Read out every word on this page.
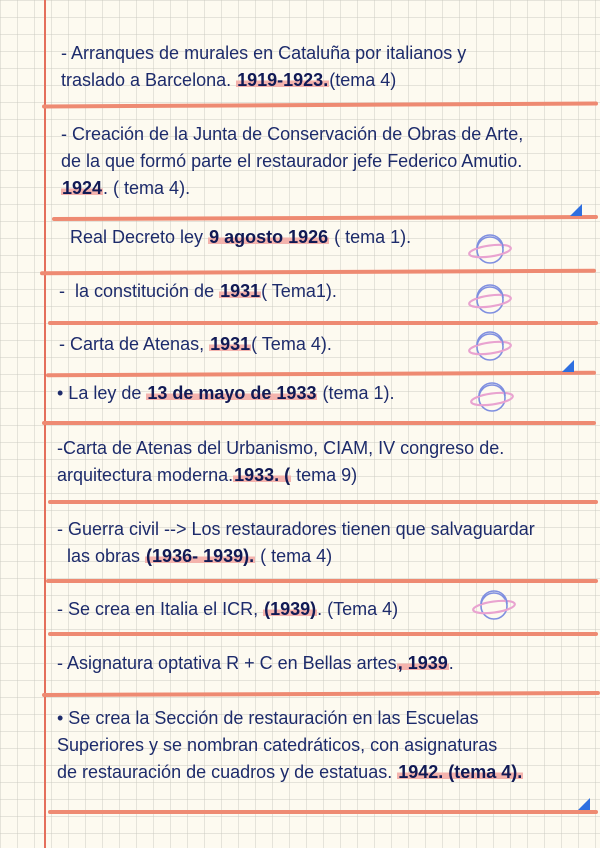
- Arranques de murales en Cataluña por italianos y
traslado a Barcelona. 1919-1923.(tema 4)
- Creación de la Junta de Conservación de Obras de Arte,
de la que formó parte el restaurador jefe Federico Amutio.
1924. ( tema 4).
Real Decreto ley 9 agosto 1926 ( tema 1).
-  la constitución de 1931( Tema1).
- Carta de Atenas, 1931( Tema 4).
• La ley de 13 de mayo de 1933 (tema 1).
-Carta de Atenas del Urbanismo, CIAM, IV congreso de.
arquitectura moderna.1933. ( tema 9)
- Guerra civil --> Los restauradores tienen que salvaguardar
las obras (1936- 1939). ( tema 4)
- Se crea en Italia el ICR, (1939). (Tema 4)
- Asignatura optativa R + C en Bellas artes, 1939.
• Se crea la Sección de restauración en las Escuelas
Superiores y se nombran catedráticos, con asignaturas
de restauración de cuadros y de estatuas. 1942. (tema 4).
